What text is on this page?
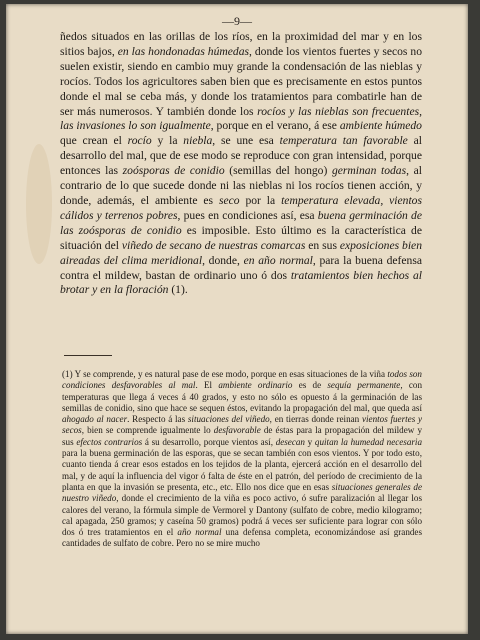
—9—

ñedos situados en las orillas de los ríos, en la proximidad del mar y en los sitios bajos, en las hondonadas húmedas, donde los vientos fuertes y secos no suelen existir, siendo en cambio muy grande la condensación de las nieblas y rocíos. Todos los agricultores saben bien que es precisamente en estos puntos donde el mal se ceba más, y donde los tratamientos para combatirle han de ser más numerosos. Y también donde los rocíos y las nieblas son frecuentes, las invasiones lo son igualmente, porque en el verano, á ese ambiente húmedo que crean el rocío y la niebla, se une esa temperatura tan favorable al desarrollo del mal, que de ese modo se reproduce con gran intensidad, porque entonces las zoósporas de conidio (semillas del hongo) germinan todas, al contrario de lo que sucede donde ni las nieblas ni los rocíos tienen acción, y donde, además, el ambiente es seco por la temperatura elevada, vientos cálidos y terrenos pobres, pues en condiciones así, esa buena germinación de las zoósporas de conidio es imposible. Esto último es la característica de situación del viñedo de secano de nuestras comarcas en sus exposiciones bien aireadas del clima meridional, donde, en año normal, para la buena defensa contra el mildew, bastan de ordinario uno ó dos tratamientos bien hechos al brotar y en la floración (1).

(1) Y se comprende, y es natural pase de ese modo, porque en esas situaciones de la viña todos son condiciones desfavorables al mal. El ambiente ordinario es de sequía permanente, con temperaturas que llega á veces á 40 grados, y esto no sólo es opuesto á la germinación de las semillas de conidio, sino que hace se sequen éstos, evitando la propagación del mal, que queda así ahogado al nacer. Respecto á las situaciones del viñedo, en tierras donde reinan vientos fuertes y secos, bien se comprende igualmente lo desfavorable de éstas para la propagación del mildew y sus efectos contrarios á su desarrollo, porque vientos así, desecan y quitan la humedad necesaria para la buena germinación de las esporas, que se secan también con esos vientos. Y por todo esto, cuanto tienda á crear esos estados en los tejidos de la planta, ejercerá acción en el desarrollo del mal, y de aquí la influencia del vigor ó falta de éste en el patrón, del período de crecimiento de la planta en que la invasión se presenta, etc., etc. Ello nos dice que en esas situaciones generales de nuestro viñedo, donde el crecimiento de la viña es poco activo, ó sufre paralización al llegar los calores del verano, la fórmula simple de Vermorel y Dantony (sulfato de cobre, medio kilogramo; cal apagada, 250 gramos; y caseína 50 gramos) podrá á veces ser suficiente para lograr con sólo dos ó tres tratamientos en el año normal una defensa completa, economizándose así grandes cantidades de sulfato de cobre. Pero no se mire mucho
